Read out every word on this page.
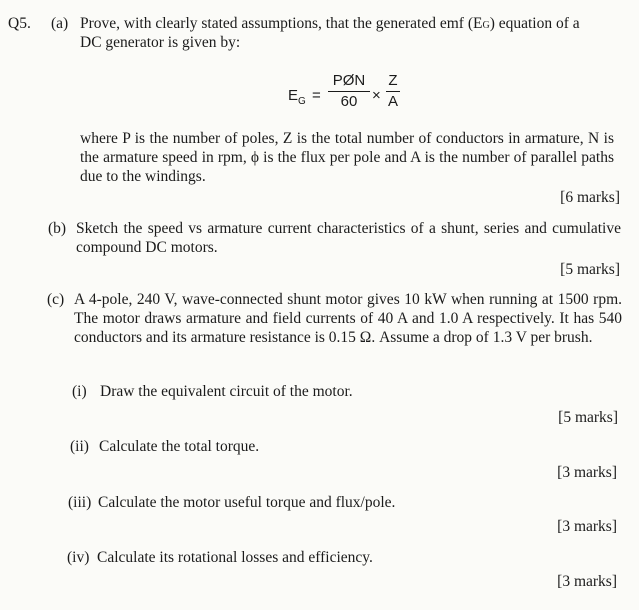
Q5. (a) Prove, with clearly stated assumptions, that the generated emf (EG) equation of a
DC generator is given by:
$E_G$ =
PØN
60 ×
Z
A
where P is the number of poles, Z is the total number of conductors in armature, N is the armature speed in rpm, ϕ is the flux per pole and A is the number of parallel paths due to the windings.
[6 marks]
(b) Sketch the speed vs armature current characteristics of a shunt, series and cumulative compound DC motors.
[5 marks]
(c) A 4-pole, 240 V, wave-connected shunt motor gives 10 kW when running at 1500 rpm. The motor draws armature and field currents of 40 A and 1.0 A respectively. It has 540 conductors and its armature resistance is 0.15 Ω. Assume a drop of 1.3 V per brush.
(i) Draw the equivalent circuit of the motor.
[5 marks]
(ii) Calculate the total torque.
[3 marks]
(iii) Calculate the motor useful torque and flux/pole.
[3 marks]
(iv) Calculate its rotational losses and efficiency.
[3 marks]
